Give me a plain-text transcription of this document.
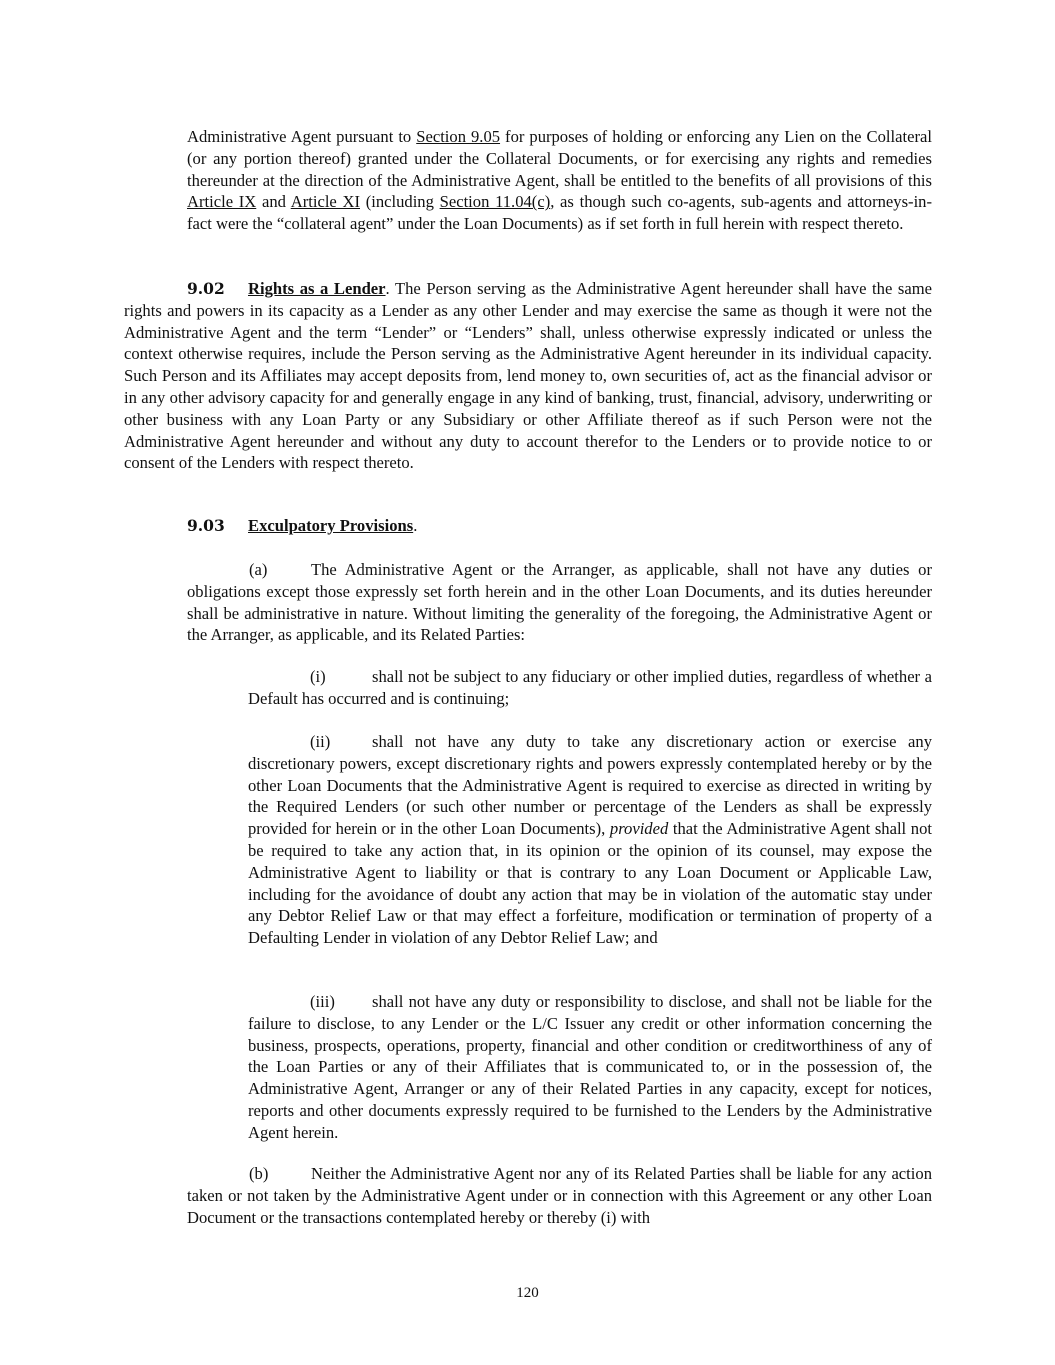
Administrative Agent pursuant to Section 9.05 for purposes of holding or enforcing any Lien on the Collateral (or any portion thereof) granted under the Collateral Documents, or for exercising any rights and remedies thereunder at the direction of the Administrative Agent, shall be entitled to the benefits of all provisions of this Article IX and Article XI (including Section 11.04(c), as though such co-agents, sub-agents and attorneys-in-fact were the “collateral agent” under the Loan Documents) as if set forth in full herein with respect thereto.

9.02 Rights as a Lender. The Person serving as the Administrative Agent hereunder shall have the same rights and powers in its capacity as a Lender as any other Lender and may exercise the same as though it were not the Administrative Agent and the term “Lender” or “Lenders” shall, unless otherwise expressly indicated or unless the context otherwise requires, include the Person serving as the Administrative Agent hereunder in its individual capacity. Such Person and its Affiliates may accept deposits from, lend money to, own securities of, act as the financial advisor or in any other advisory capacity for and generally engage in any kind of banking, trust, financial, advisory, underwriting or other business with any Loan Party or any Subsidiary or other Affiliate thereof as if such Person were not the Administrative Agent hereunder and without any duty to account therefor to the Lenders or to provide notice to or consent of the Lenders with respect thereto.

9.03 Exculpatory Provisions.

(a)	The Administrative Agent or the Arranger, as applicable, shall not have any duties or obligations except those expressly set forth herein and in the other Loan Documents, and its duties hereunder shall be administrative in nature. Without limiting the generality of the foregoing, the Administrative Agent or the Arranger, as applicable, and its Related Parties:

(i)	shall not be subject to any fiduciary or other implied duties, regardless of whether a Default has occurred and is continuing;

(ii)	shall not have any duty to take any discretionary action or exercise any discretionary powers, except discretionary rights and powers expressly contemplated hereby or by the other Loan Documents that the Administrative Agent is required to exercise as directed in writing by the Required Lenders (or such other number or percentage of the Lenders as shall be expressly provided for herein or in the other Loan Documents), provided that the Administrative Agent shall not be required to take any action that, in its opinion or the opinion of its counsel, may expose the Administrative Agent to liability or that is contrary to any Loan Document or Applicable Law, including for the avoidance of doubt any action that may be in violation of the automatic stay under any Debtor Relief Law or that may effect a forfeiture, modification or termination of property of a Defaulting Lender in violation of any Debtor Relief Law; and

(iii) shall not have any duty or responsibility to disclose, and shall not be liable for the failure to disclose, to any Lender or the L/C Issuer any credit or other information concerning the business, prospects, operations, property, financial and other condition or creditworthiness of any of the Loan Parties or any of their Affiliates that is communicated to, or in the possession of, the Administrative Agent, Arranger or any of their Related Parties in any capacity, except for notices, reports and other documents expressly required to be furnished to the Lenders by the Administrative Agent herein.

(b)	Neither the Administrative Agent nor any of its Related Parties shall be liable for any action taken or not taken by the Administrative Agent under or in connection with this Agreement or any other Loan Document or the transactions contemplated hereby or thereby (i) with

120
